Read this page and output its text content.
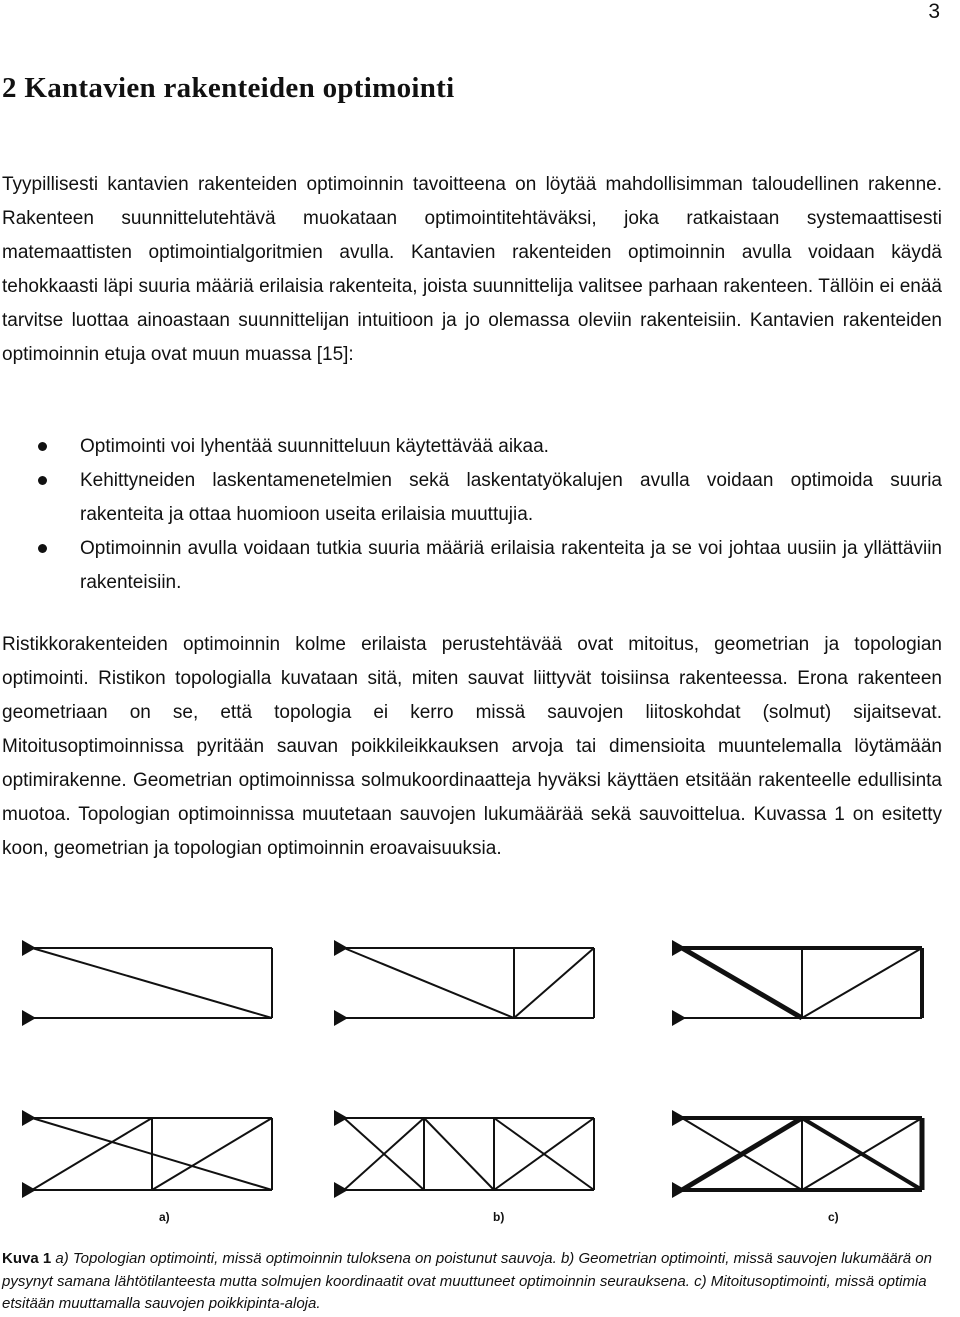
3
2 Kantavien rakenteiden optimointi

Tyypillisesti kantavien rakenteiden optimoinnin tavoitteena on löytää mahdollisimman taloudellinen rakenne. Rakenteen suunnittelutehtävä muokataan optimointitehtäväksi, joka ratkaistaan systemaattisesti matemaattisten optimointialgoritmien avulla. Kantavien rakenteiden optimoinnin avulla voidaan käydä tehokkaasti läpi suuria määriä erilaisia rakenteita, joista suunnittelija valitsee parhaan rakenteen. Tällöin ei enää tarvitse luottaa ainoastaan suunnittelijan intuitioon ja jo olemassa oleviin rakenteisiin. Kantavien rakenteiden optimoinnin etuja ovat muun muassa [15]:

Optimointi voi lyhentää suunnitteluun käytettävää aikaa.
Kehittyneiden laskentamenetelmien sekä laskentatyökalujen avulla voidaan optimoida suuria rakenteita ja ottaa huomioon useita erilaisia muuttujia.
Optimoinnin avulla voidaan tutkia suuria määriä erilaisia rakenteita ja se voi johtaa uusiin ja yllättäviin rakenteisiin.

Ristikkorakenteiden optimoinnin kolme erilaista perustehtävää ovat mitoitus, geometrian ja topologian optimointi. Ristikon topologialla kuvataan sitä, miten sauvat liittyvät toisiinsa rakenteessa. Erona rakenteen geometriaan on se, että topologia ei kerro missä sauvojen liitoskohdat (solmut) sijaitsevat. Mitoitusoptimoinnissa pyritään sauvan poikkileikkauksen arvoja tai dimensioita muuntelemalla löytämään optimirakenne. Geometrian optimoinnissa solmukoordinaatteja hyväksi käyttäen etsitään rakenteelle edullisinta muotoa. Topologian optimoinnissa muutetaan sauvojen lukumäärää sekä sauvoittelua. Kuvassa 1 on esitetty koon, geometrian ja topologian optimoinnin eroavaisuuksia.

a)	b)	c)

Kuva 1 a) Topologian optimointi, missä optimoinnin tuloksena on poistunut sauvoja. b) Geometrian optimointi, missä sauvojen lukumäärä on pysynyt samana lähtötilanteesta mutta solmujen koordinaatit ovat muuttuneet optimoinnin seurauksena. c) Mitoitusoptimointi, missä optimia etsitään muuttamalla sauvojen poikkipinta-aloja.
